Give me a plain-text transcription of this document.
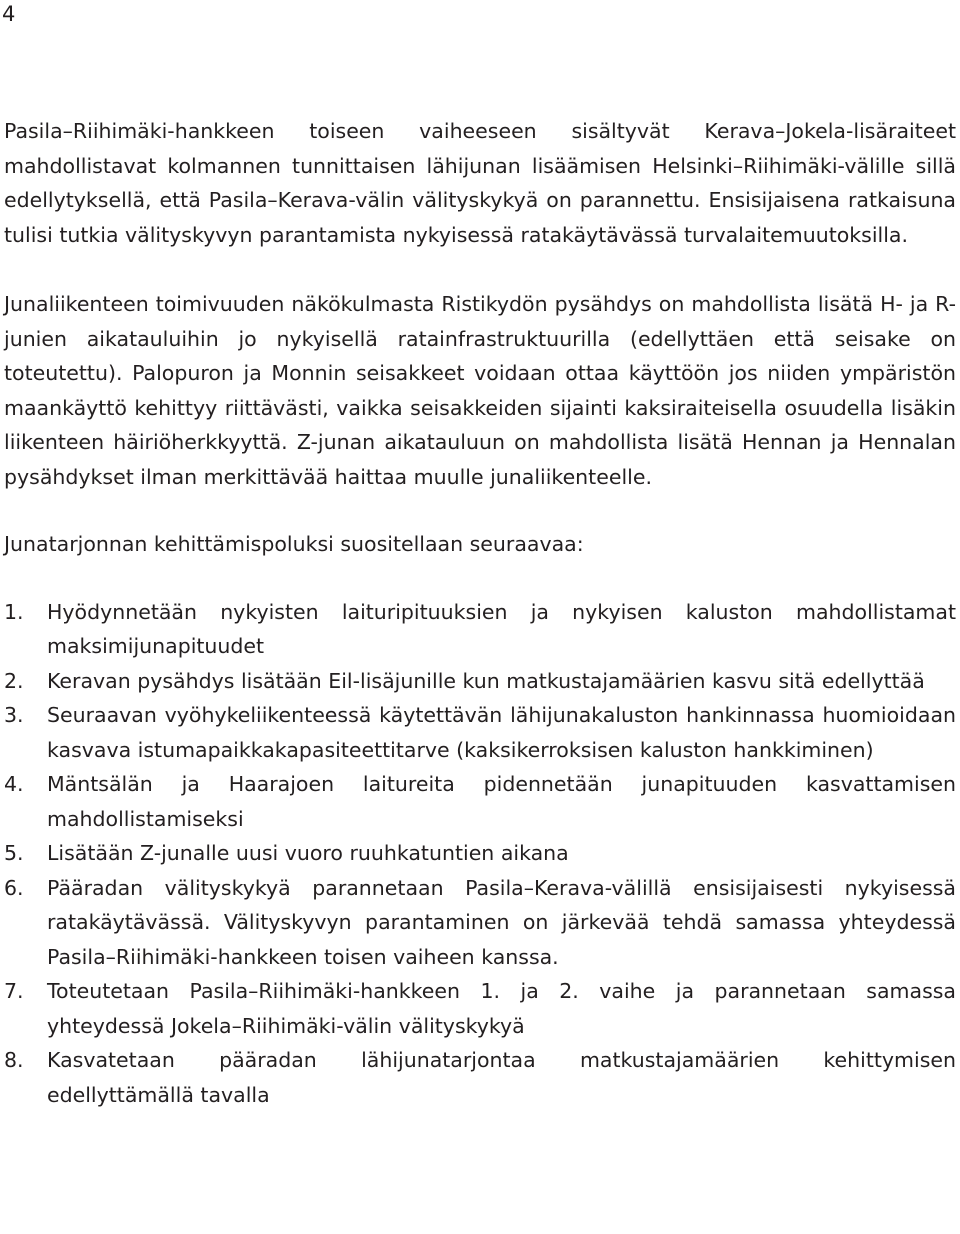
4

Pasila–Riihimäki-hankkeen toiseen vaiheeseen sisältyvät Kerava–Jokela-lisäraiteet mahdollistavat kolmannen tunnittaisen lähijunan lisäämisen Helsinki–Riihimäki-välille sillä edellytyksellä, että Pasila–Kerava-välin välityskykyä on parannettu. Ensisijaisena ratkaisuna tulisi tutkia välityskyvyn parantamista nykyisessä ratakäytävässä turvalaitemuutoksilla.

Junaliikenteen toimivuuden näkökulmasta Ristikydön pysähdys on mahdollista lisätä H- ja R-junien aikatauluihin jo nykyisellä ratainfrastruktuurilla (edellyttäen että seisake on toteutettu). Palopuron ja Monnin seisakkeet voidaan ottaa käyttöön jos niiden ympäristön maankäyttö kehittyy riittävästi, vaikka seisakkeiden sijainti kaksiraiteisella osuudella lisäkin liikenteen häiriöherkkyyttä. Z-junan aikatauluun on mahdollista lisätä Hennan ja Hennalan pysähdykset ilman merkittävää haittaa muulle junaliikenteelle.

Junatarjonnan kehittämispoluksi suositellaan seuraavaa:

1. Hyödynnetään nykyisten laituripituuksien ja nykyisen kaluston mahdollistamat maksimijunapituudet
2. Keravan pysähdys lisätään Eil-lisäjunille kun matkustajamäärien kasvu sitä edellyttää
3. Seuraavan vyöhykeliikenteessä käytettävän lähijunakaluston hankinnassa huomioidaan kasvava istumapaikkakapasiteettitarve (kaksikerroksisen kaluston hankkiminen)
4. Mäntsälän ja Haarajoen laitureita pidennetään junapituuden kasvattamisen mahdollistamiseksi
5. Lisätään Z-junalle uusi vuoro ruuhkatuntien aikana
6. Pääradan välityskykyä parannetaan Pasila–Kerava-välillä ensisijaisesti nykyisessä ratakäytävässä. Välityskyvyn parantaminen on järkevää tehdä samassa yhteydessä Pasila–Riihimäki-hankkeen toisen vaiheen kanssa.
7. Toteutetaan Pasila–Riihimäki-hankkeen 1. ja 2. vaihe ja parannetaan samassa yhteydessä Jokela–Riihimäki-välin välityskykyä
8. Kasvatetaan pääradan lähijunatarjontaa matkustajamäärien kehittymisen edellyttämällä tavalla
